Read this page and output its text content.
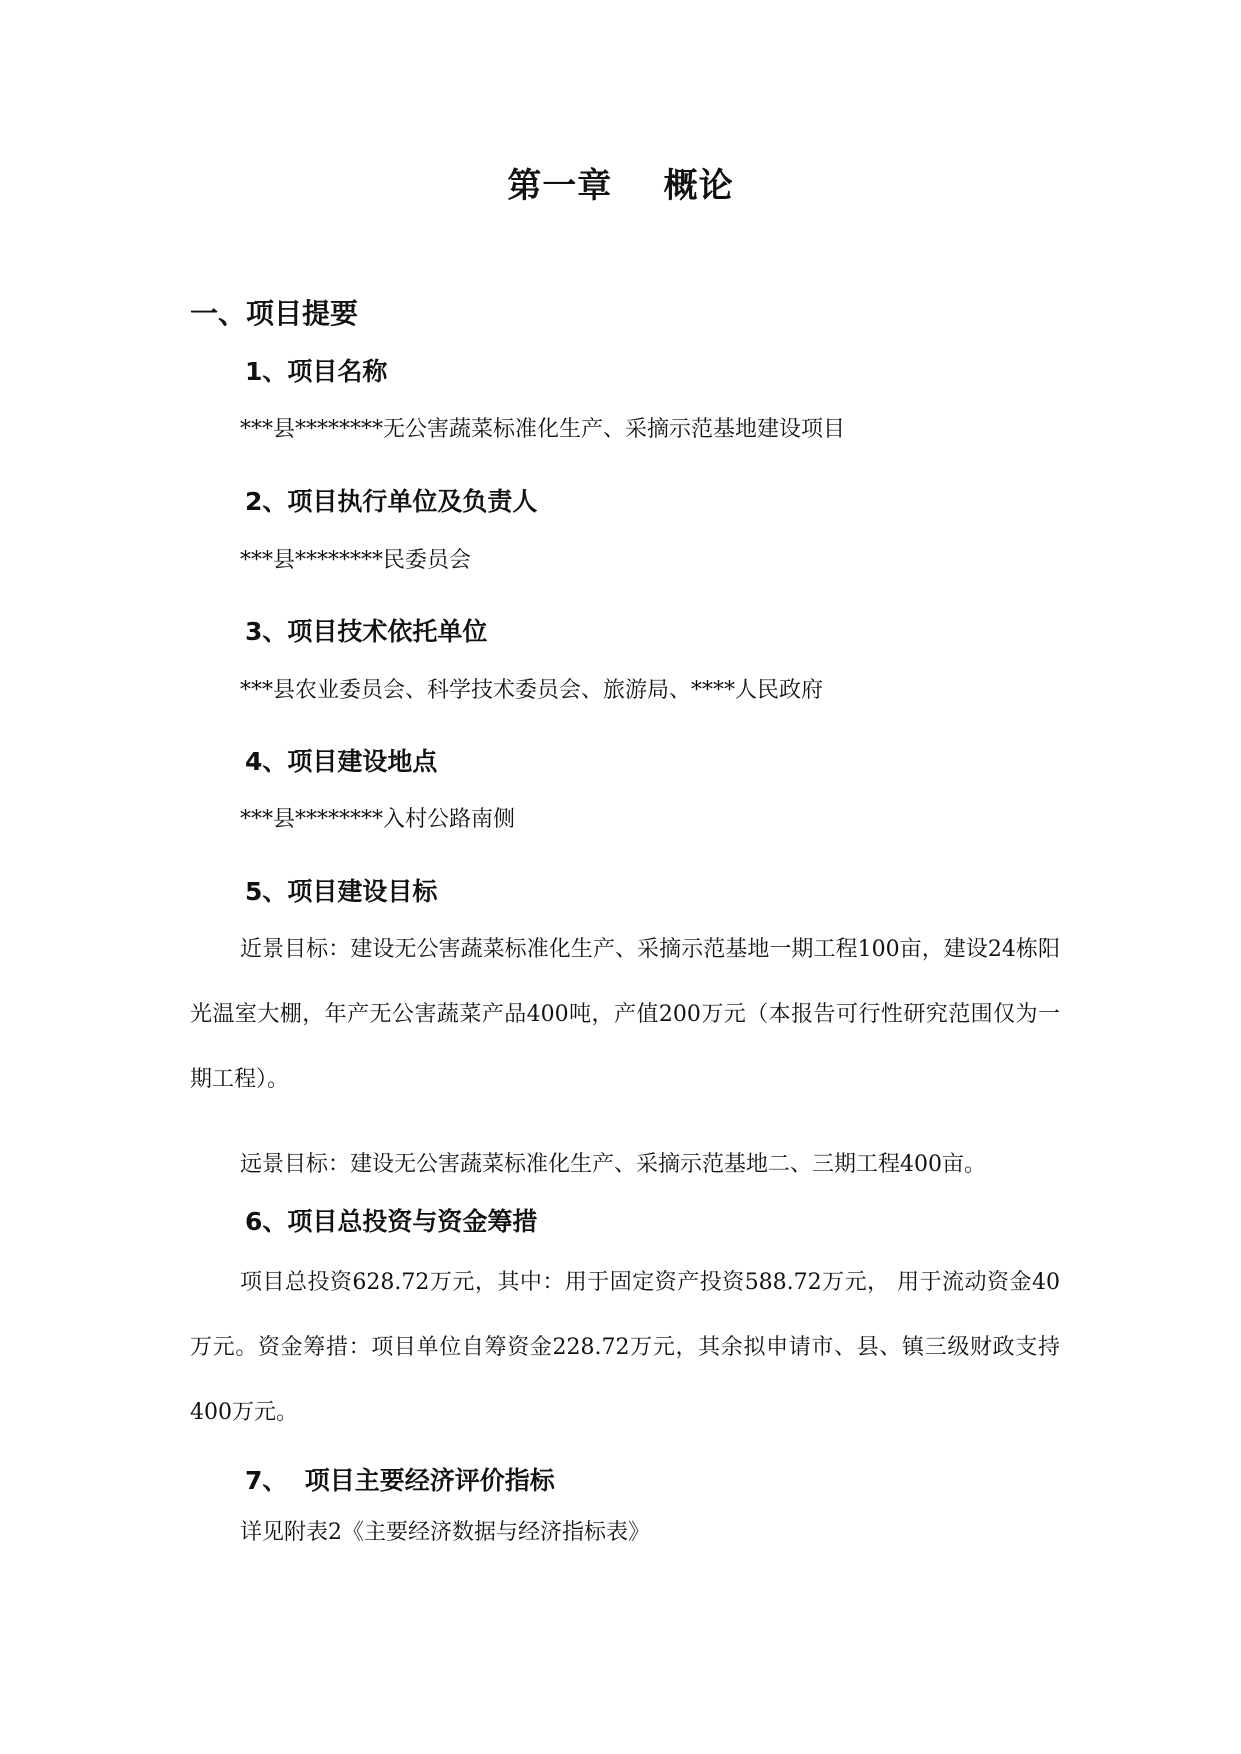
第一章    概论
一、项目提要
1、项目名称
***县********无公害蔬菜标准化生产、采摘示范基地建设项目
2、项目执行单位及负责人
***县********民委员会
3、项目技术依托单位
***县农业委员会、科学技术委员会、旅游局、****人民政府
4、项目建设地点
***县********入村公路南侧
5、项目建设目标

近景目标：建设无公害蔬菜标准化生产、采摘示范基地一期工程100亩，建设24栋阳光温室大棚，年产无公害蔬菜产品400吨，产值200万元（本报告可行性研究范围仅为一期工程）。

远景目标：建设无公害蔬菜标准化生产、采摘示范基地二、三期工程400亩。

6、项目总投资与资金筹措

项目总投资628.72万元，其中：用于固定资产投资588.72万元， 用于流动资金40万元。资金筹措：项目单位自筹资金228.72万元，其余拟申请市、县、镇三级财政支持400万元。

7、  项目主要经济评价指标
详见附表2《主要经济数据与经济指标表》
